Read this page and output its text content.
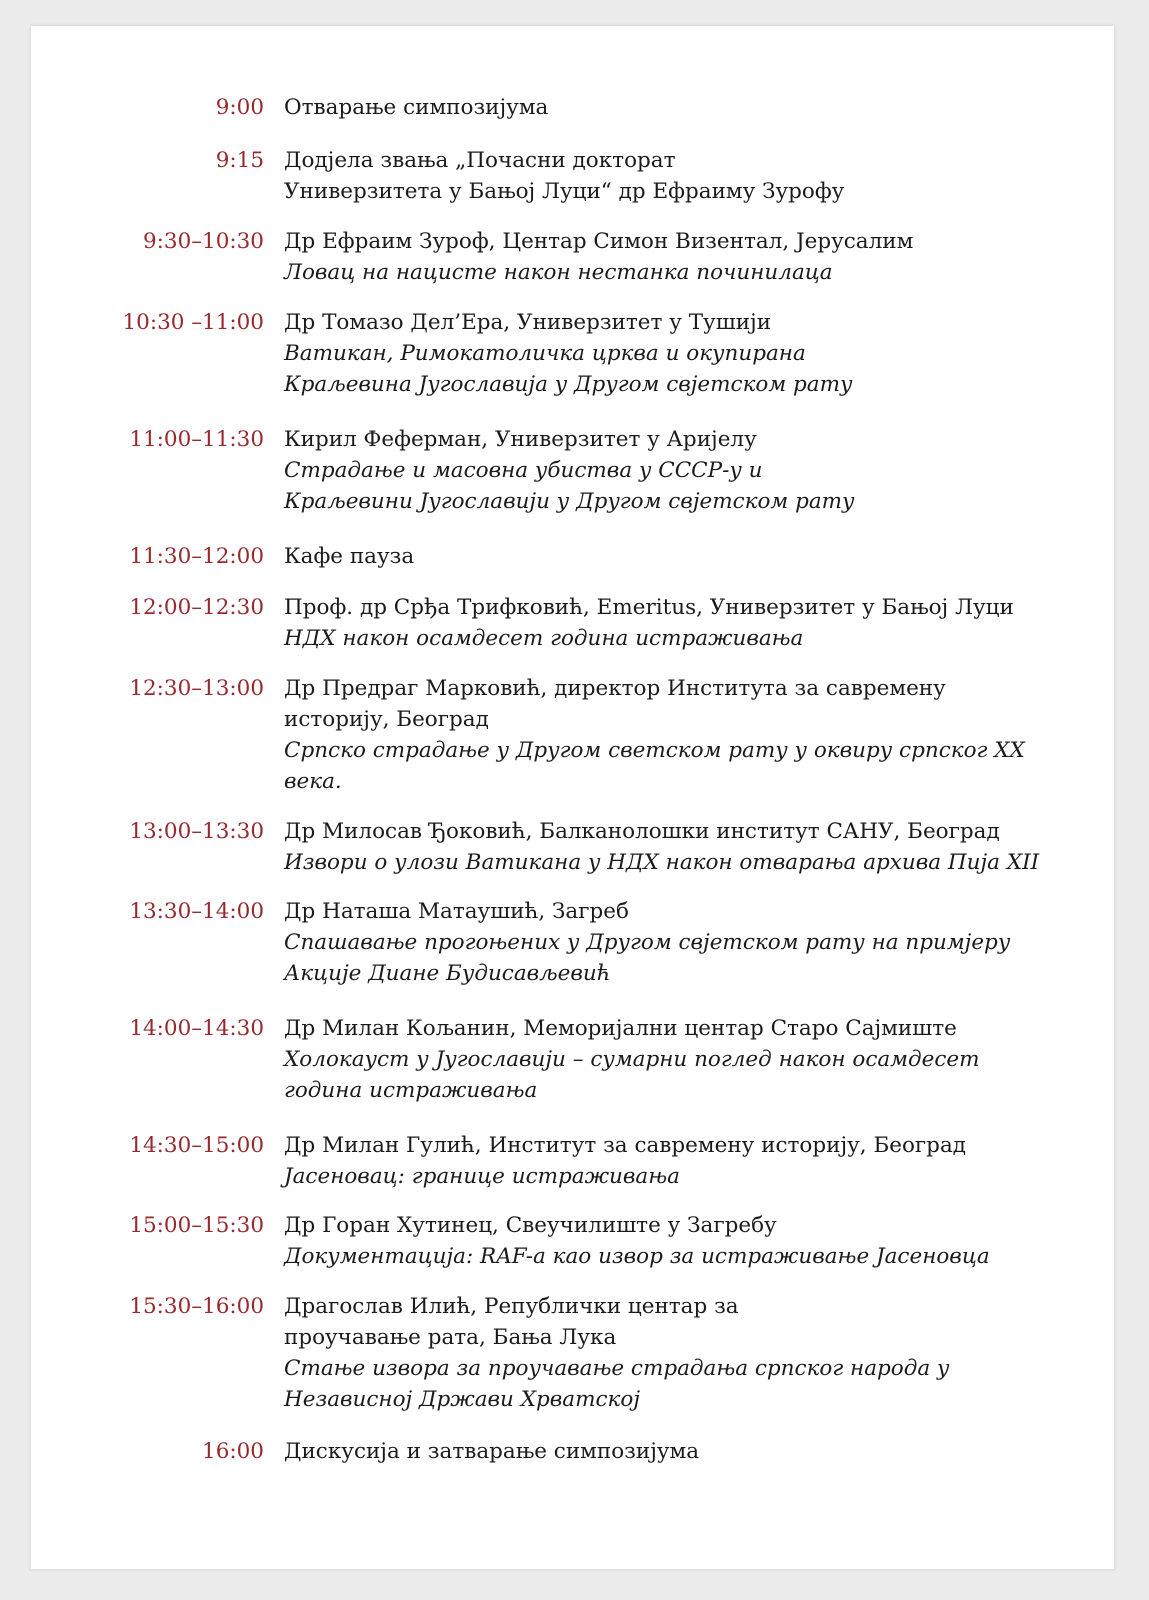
9:00 Отварање симпозијума
9:15 Додјела звања „Почасни докторат
Универзитета у Бањој Луци“ др Ефраиму Зурофу
9:30–10:30 Др Ефраим Зуроф, Центар Симон Визентал, Јерусалим
Ловац на нацисте након нестанка починилаца
10:30 –11:00 Др Томазо Дел’Ера, Универзитет у Тушији
Ватикан, Римокатоличка црква и окупирана
Краљевина Југославија у Другом свјетском рату
11:00–11:30 Кирил Феферман, Универзитет у Аријелу
Страдање и масовна убиства у СССР-у и
Краљевини Југославији у Другом свјетском рату
11:30–12:00 Кафе пауза
12:00–12:30 Проф. др Срђа Трифковић, Emeritus, Универзитет у Бањој Луци
НДХ након осамдесет година истраживања
12:30–13:00 Др Предраг Марковић, директор Института за савремену
историју, Београд
Српско страдање у Другом светском рату у оквиру српског XX
века.
13:00–13:30 Др Милосав Ђоковић, Балканолошки институт САНУ, Београд
Извори о улози Ватикана у НДХ након отварања архива Пија XII
13:30–14:00 Др Наташа Матаушић, Загреб
Спашавање прогоњених у Другом свјетском рату на примјеру
Акције Диане Будисављевић
14:00–14:30 Др Милан Кољанин, Меморијални центар Старо Сајмиште
Холокауст у Југославији – сумарни поглед након осамдесет
година истраживања
14:30–15:00 Др Милан Гулић, Институт за савремену историју, Београд
Јасеновац: границе истраживања
15:00–15:30 Др Горан Хутинец, Свеучилиште у Загребу
Документација: RAF-а као извор за истраживање Јасеновца
15:30–16:00 Драгослав Илић, Републички центар за
проучавање рата, Бања Лука
Стање извора за проучавање страдања српског народа у
Независној Држави Хрватској
16:00 Дискусија и затварање симпозијума
